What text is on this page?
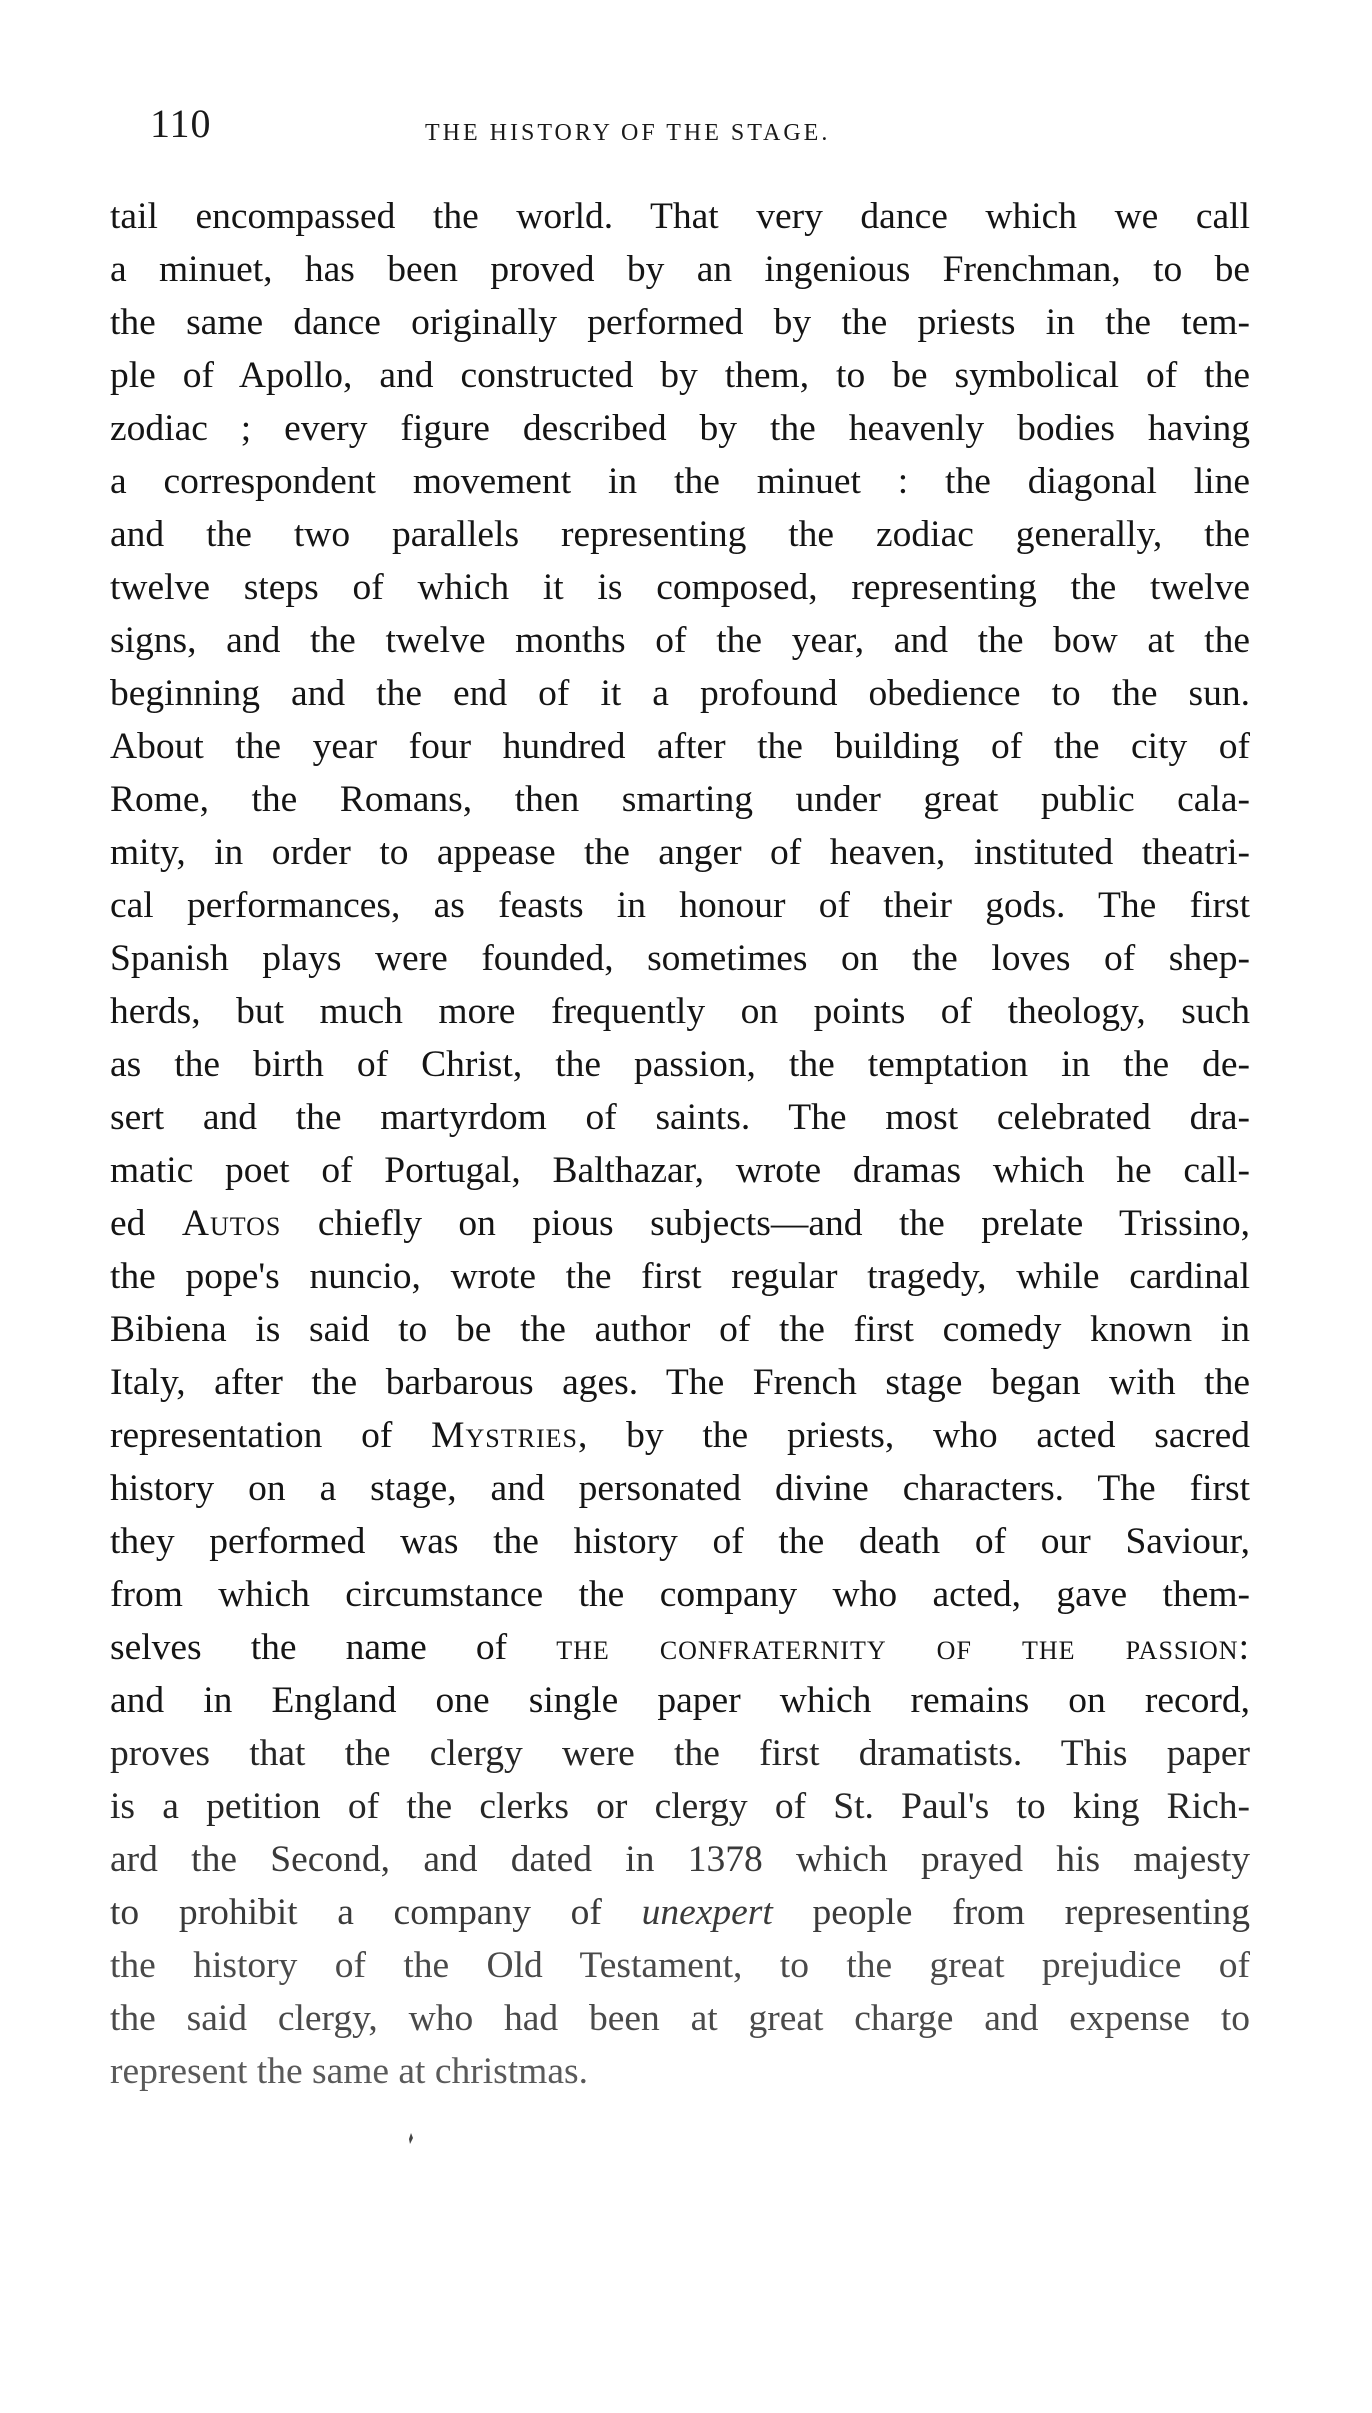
110	THE HISTORY OF THE STAGE.
tail encompassed the world. That very dance which we call
a minuet, has been proved by an ingenious Frenchman, to be
the same dance originally performed by the priests in the tem-
ple of Apollo, and constructed by them, to be symbolical of the
zodiac ; every figure described by the heavenly bodies having
a correspondent movement in the minuet : the diagonal line
and the two parallels representing the zodiac generally, the
twelve steps of which it is composed, representing the twelve
signs, and the twelve months of the year, and the bow at the
beginning and the end of it a profound obedience to the sun.
About the year four hundred after the building of the city of
Rome, the Romans, then smarting under great public cala-
mity, in order to appease the anger of heaven, instituted theatri-
cal performances, as feasts in honour of their gods. The first
Spanish plays were founded, sometimes on the loves of shep-
herds, but much more frequently on points of theology, such
as the birth of Christ, the passion, the temptation in the de-
sert and the martyrdom of saints. The most celebrated dra-
matic poet of Portugal, Balthazar, wrote dramas which he call-
ed Autos chiefly on pious subjects—and the prelate Trissino,
the pope's nuncio, wrote the first regular tragedy, while cardinal
Bibiena is said to be the author of the first comedy known in
Italy, after the barbarous ages. The French stage began with the
representation of Mystries, by the priests, who acted sacred
history on a stage, and personated divine characters. The first
they performed was the history of the death of our Saviour,
from which circumstance the company who acted, gave them-
selves the name of the confraternity of the passion:
and in England one single paper which remains on record,
proves that the clergy were the first dramatists. This paper
is a petition of the clerks or clergy of St. Paul's to king Rich-
ard the Second, and dated in 1378 which prayed his majesty
to prohibit a company of unexpert people from representing
the history of the Old Testament, to the great prejudice of
the said clergy, who had been at great charge and expense to
represent the same at christmas.
